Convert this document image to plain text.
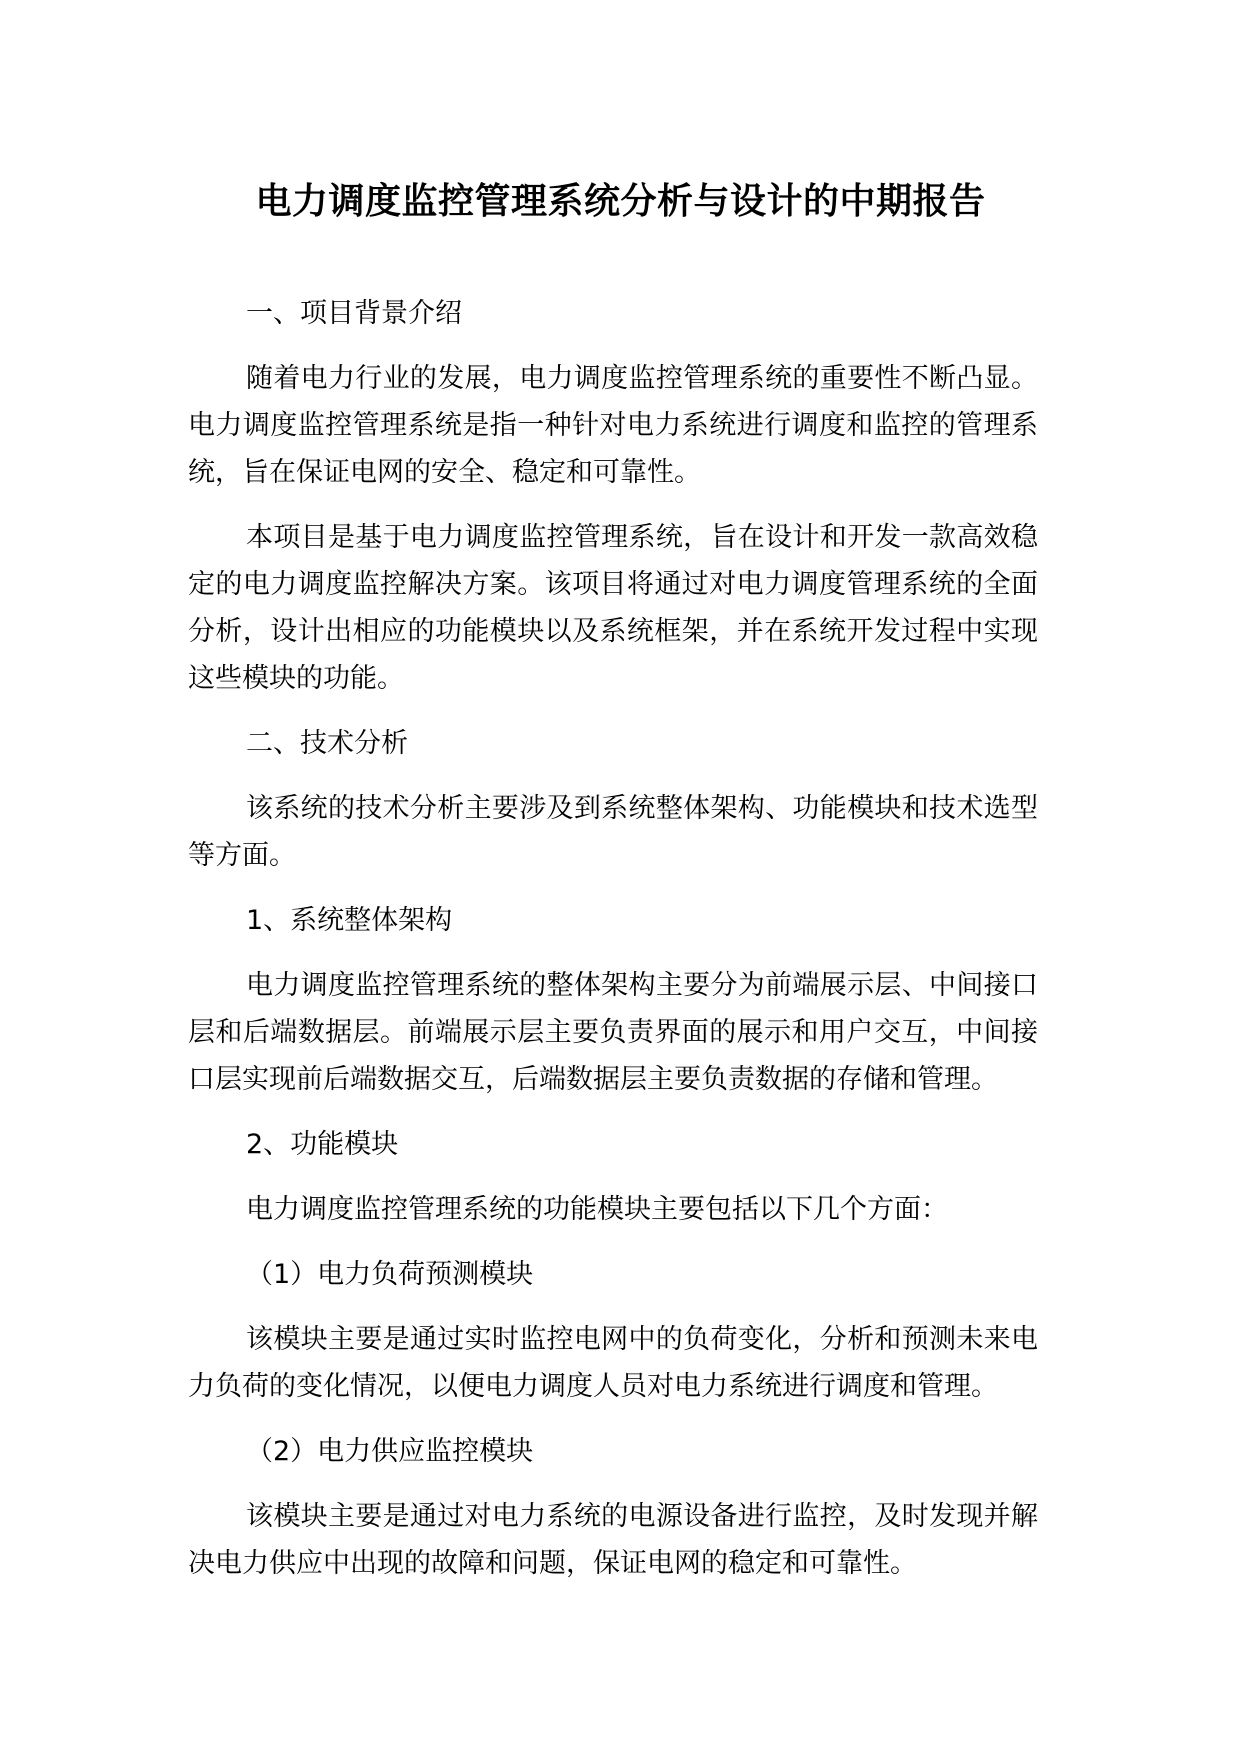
电力调度监控管理系统分析与设计的中期报告

一、项目背景介绍

随着电力行业的发展，电力调度监控管理系统的重要性不断凸显。电力调度监控管理系统是指一种针对电力系统进行调度和监控的管理系统，旨在保证电网的安全、稳定和可靠性。

本项目是基于电力调度监控管理系统，旨在设计和开发一款高效稳定的电力调度监控解决方案。该项目将通过对电力调度管理系统的全面分析，设计出相应的功能模块以及系统框架，并在系统开发过程中实现这些模块的功能。

二、技术分析

该系统的技术分析主要涉及到系统整体架构、功能模块和技术选型等方面。

1、系统整体架构

电力调度监控管理系统的整体架构主要分为前端展示层、中间接口层和后端数据层。前端展示层主要负责界面的展示和用户交互，中间接口层实现前后端数据交互，后端数据层主要负责数据的存储和管理。

2、功能模块

电力调度监控管理系统的功能模块主要包括以下几个方面：

（1）电力负荷预测模块

该模块主要是通过实时监控电网中的负荷变化，分析和预测未来电力负荷的变化情况，以便电力调度人员对电力系统进行调度和管理。

（2）电力供应监控模块

该模块主要是通过对电力系统的电源设备进行监控，及时发现并解决电力供应中出现的故障和问题，保证电网的稳定和可靠性。
